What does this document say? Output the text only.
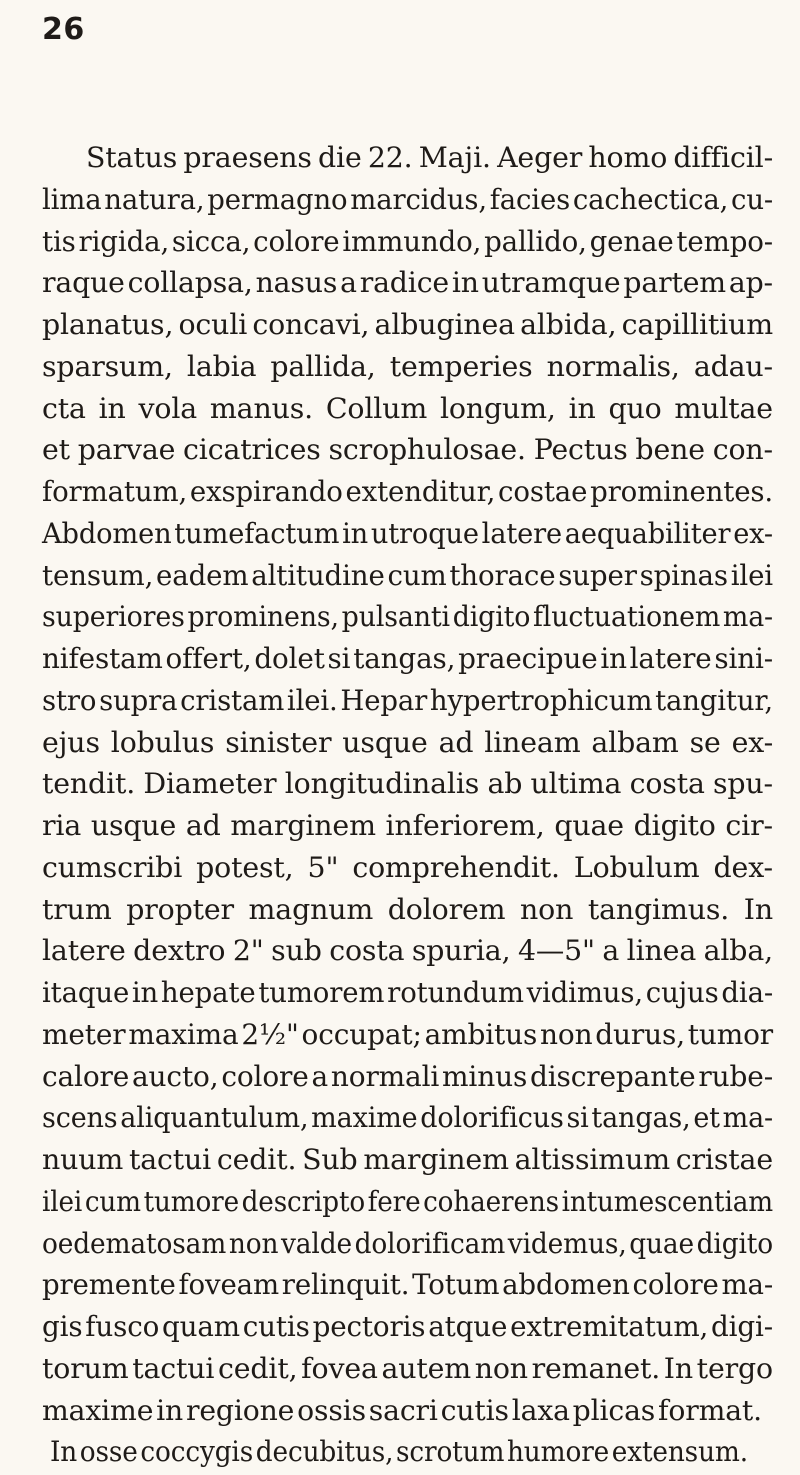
26
Status praesens die 22. Maji. Aeger homo difficil-
lima natura, permagno marcidus, facies cachectica, cu-
tis rigida, sicca, colore immundo, pallido, genae tempo-
raque collapsa, nasus a radice in utramque partem ap-
planatus, oculi concavi, albuginea albida, capillitium
sparsum, labia pallida, temperies normalis, adau-
cta in vola manus. Collum longum, in quo multae
et parvae cicatrices scrophulosae. Pectus bene con-
formatum, exspirando extenditur, costae prominentes.
Abdomen tumefactum in utroque latere aequabiliter ex-
tensum, eadem altitudine cum thorace super spinas ilei
superiores prominens, pulsanti digito fluctuationem ma-
nifestam offert, dolet si tangas, praecipue in latere sini-
stro supra cristam ilei. Hepar hypertrophicum tangitur,
ejus lobulus sinister usque ad lineam albam se ex-
tendit. Diameter longitudinalis ab ultima costa spu-
ria usque ad marginem inferiorem, quae digito cir-
cumscribi potest, 5" comprehendit. Lobulum dex-
trum propter magnum dolorem non tangimus. In
latere dextro 2" sub costa spuria, 4—5" a linea alba,
itaque in hepate tumorem rotundum vidimus, cujus dia-
meter maxima 2½" occupat; ambitus non durus, tumor
calore aucto, colore a normali minus discrepante rube-
scens aliquantulum, maxime dolorificus si tangas, et ma-
nuum tactui cedit. Sub marginem altissimum cristae
ilei cum tumore descripto fere cohaerens intumescentiam
oedematosam non valde dolorificam videmus, quae digito
premente foveam relinquit. Totum abdomen colore ma-
gis fusco quam cutis pectoris atque extremitatum, digi-
torum tactui cedit, fovea autem non remanet. In tergo
maxime in regione ossis sacri cutis laxa plicas format.
In osse coccygis decubitus, scrotum humore extensum.
